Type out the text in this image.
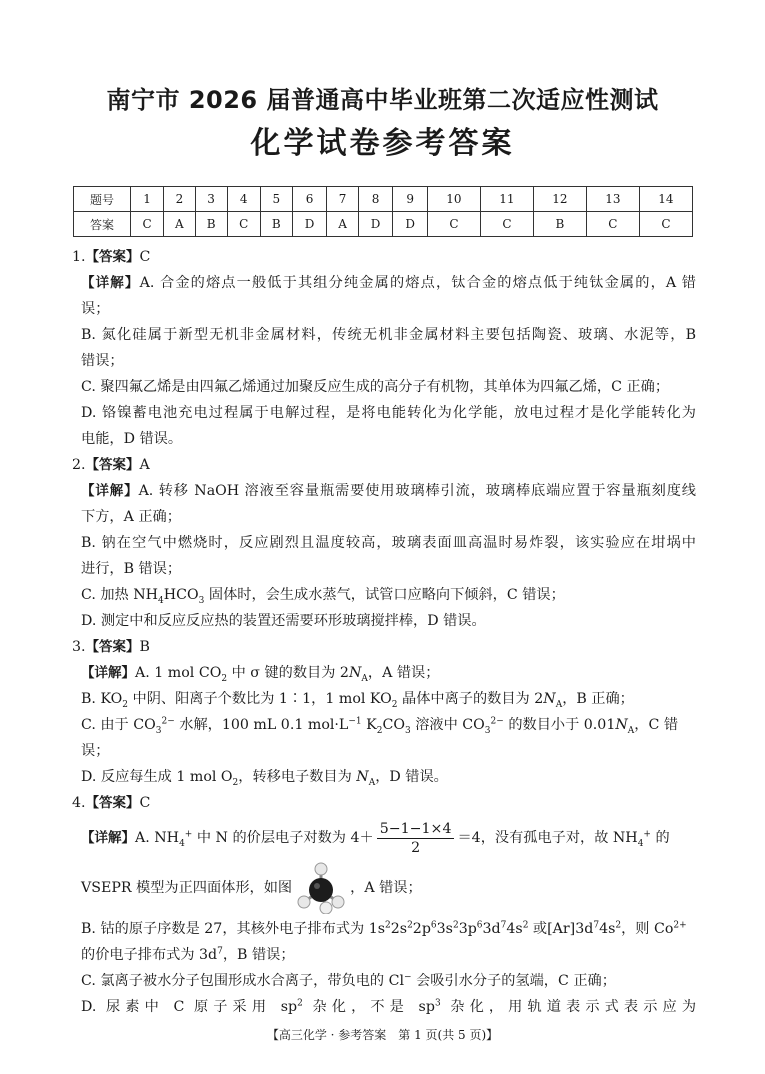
南宁市 2026 届普通高中毕业班第二次适应性测试
化学试卷参考答案
题号	1	2	3	4	5	6	7	8	9	10	11	12	13	14
答案	C	A	B	C	B	D	A	D	D	C	C	B	C	C

1.【答案】C

【详解】A. 合金的熔点一般低于其组分纯金属的熔点，钛合金的熔点低于纯钛金属的，A 错

误；

B. 氮化硅属于新型无机非金属材料，传统无机非金属材料主要包括陶瓷、玻璃、水泥等，B

错误；

C. 聚四氟乙烯是由四氟乙烯通过加聚反应生成的高分子有机物，其单体为四氟乙烯，C 正确；

D. 铬镍蓄电池充电过程属于电解过程，是将电能转化为化学能，放电过程才是化学能转化为

电能，D 错误。

2.【答案】A

【详解】A. 转移 NaOH 溶液至容量瓶需要使用玻璃棒引流，玻璃棒底端应置于容量瓶刻度线

下方，A 正确；

B. 钠在空气中燃烧时，反应剧烈且温度较高，玻璃表面皿高温时易炸裂，该实验应在坩埚中

进行，B 错误；

C. 加热 $NH_4HCO_3$ 固体时，会生成水蒸气，试管口应略向下倾斜，C 错误；

D. 测定中和反应反应热的装置还需要环形玻璃搅拌棒，D 错误。

3.【答案】B

【详解】A. 1 mol $CO_2$ 中 σ 键的数目为 $2N_A$，A 错误；

B. $KO_2$ 中阴、阳离子个数比为 1∶1，1 mol $KO_2$ 晶体中离子的数目为 $2N_A$，B 正确；

C. 由于 $CO_3^{2-}$ 水解，100 mL 0.1 $mol\cdot L^{-1}$ $K_2CO_3$ 溶液中 $CO_3^{2-}$ 的数目小于 $0.01N_A$，C 错误；

D. 反应每生成 1 mol $O_2$，转移电子数目为 $N_A$，D 错误。

4.【答案】C

【详解】A. $NH_4^+$ 中 N 的价层电子对数为 $4+ \frac{5-1-1\times 4}{2} =4$，没有孤电子对，故 $NH_4^+$ 的

VSEPR 模型为正四面体形，如图	，A 错误；

B. 钴的原子序数是 27，其核外电子排布式为 $1s^22s^22p^63s^23p^63d^74s^2$ 或$[Ar]3d^74s^2$，则 $Co^{2+}$

的价电子排布式为 $3d^7$，B 错误；

C. 氯离子被水分子包围形成水合离子，带负电的 Cl− 会吸引水分子的氢端，C 正确；

D. 尿素中 C 原子采用 $sp^2$ 杂化，不是 $sp^3$ 杂化，用轨道表示式表示应为

【高三化学 · 参考答案　第 1 页(共 5 页)】
